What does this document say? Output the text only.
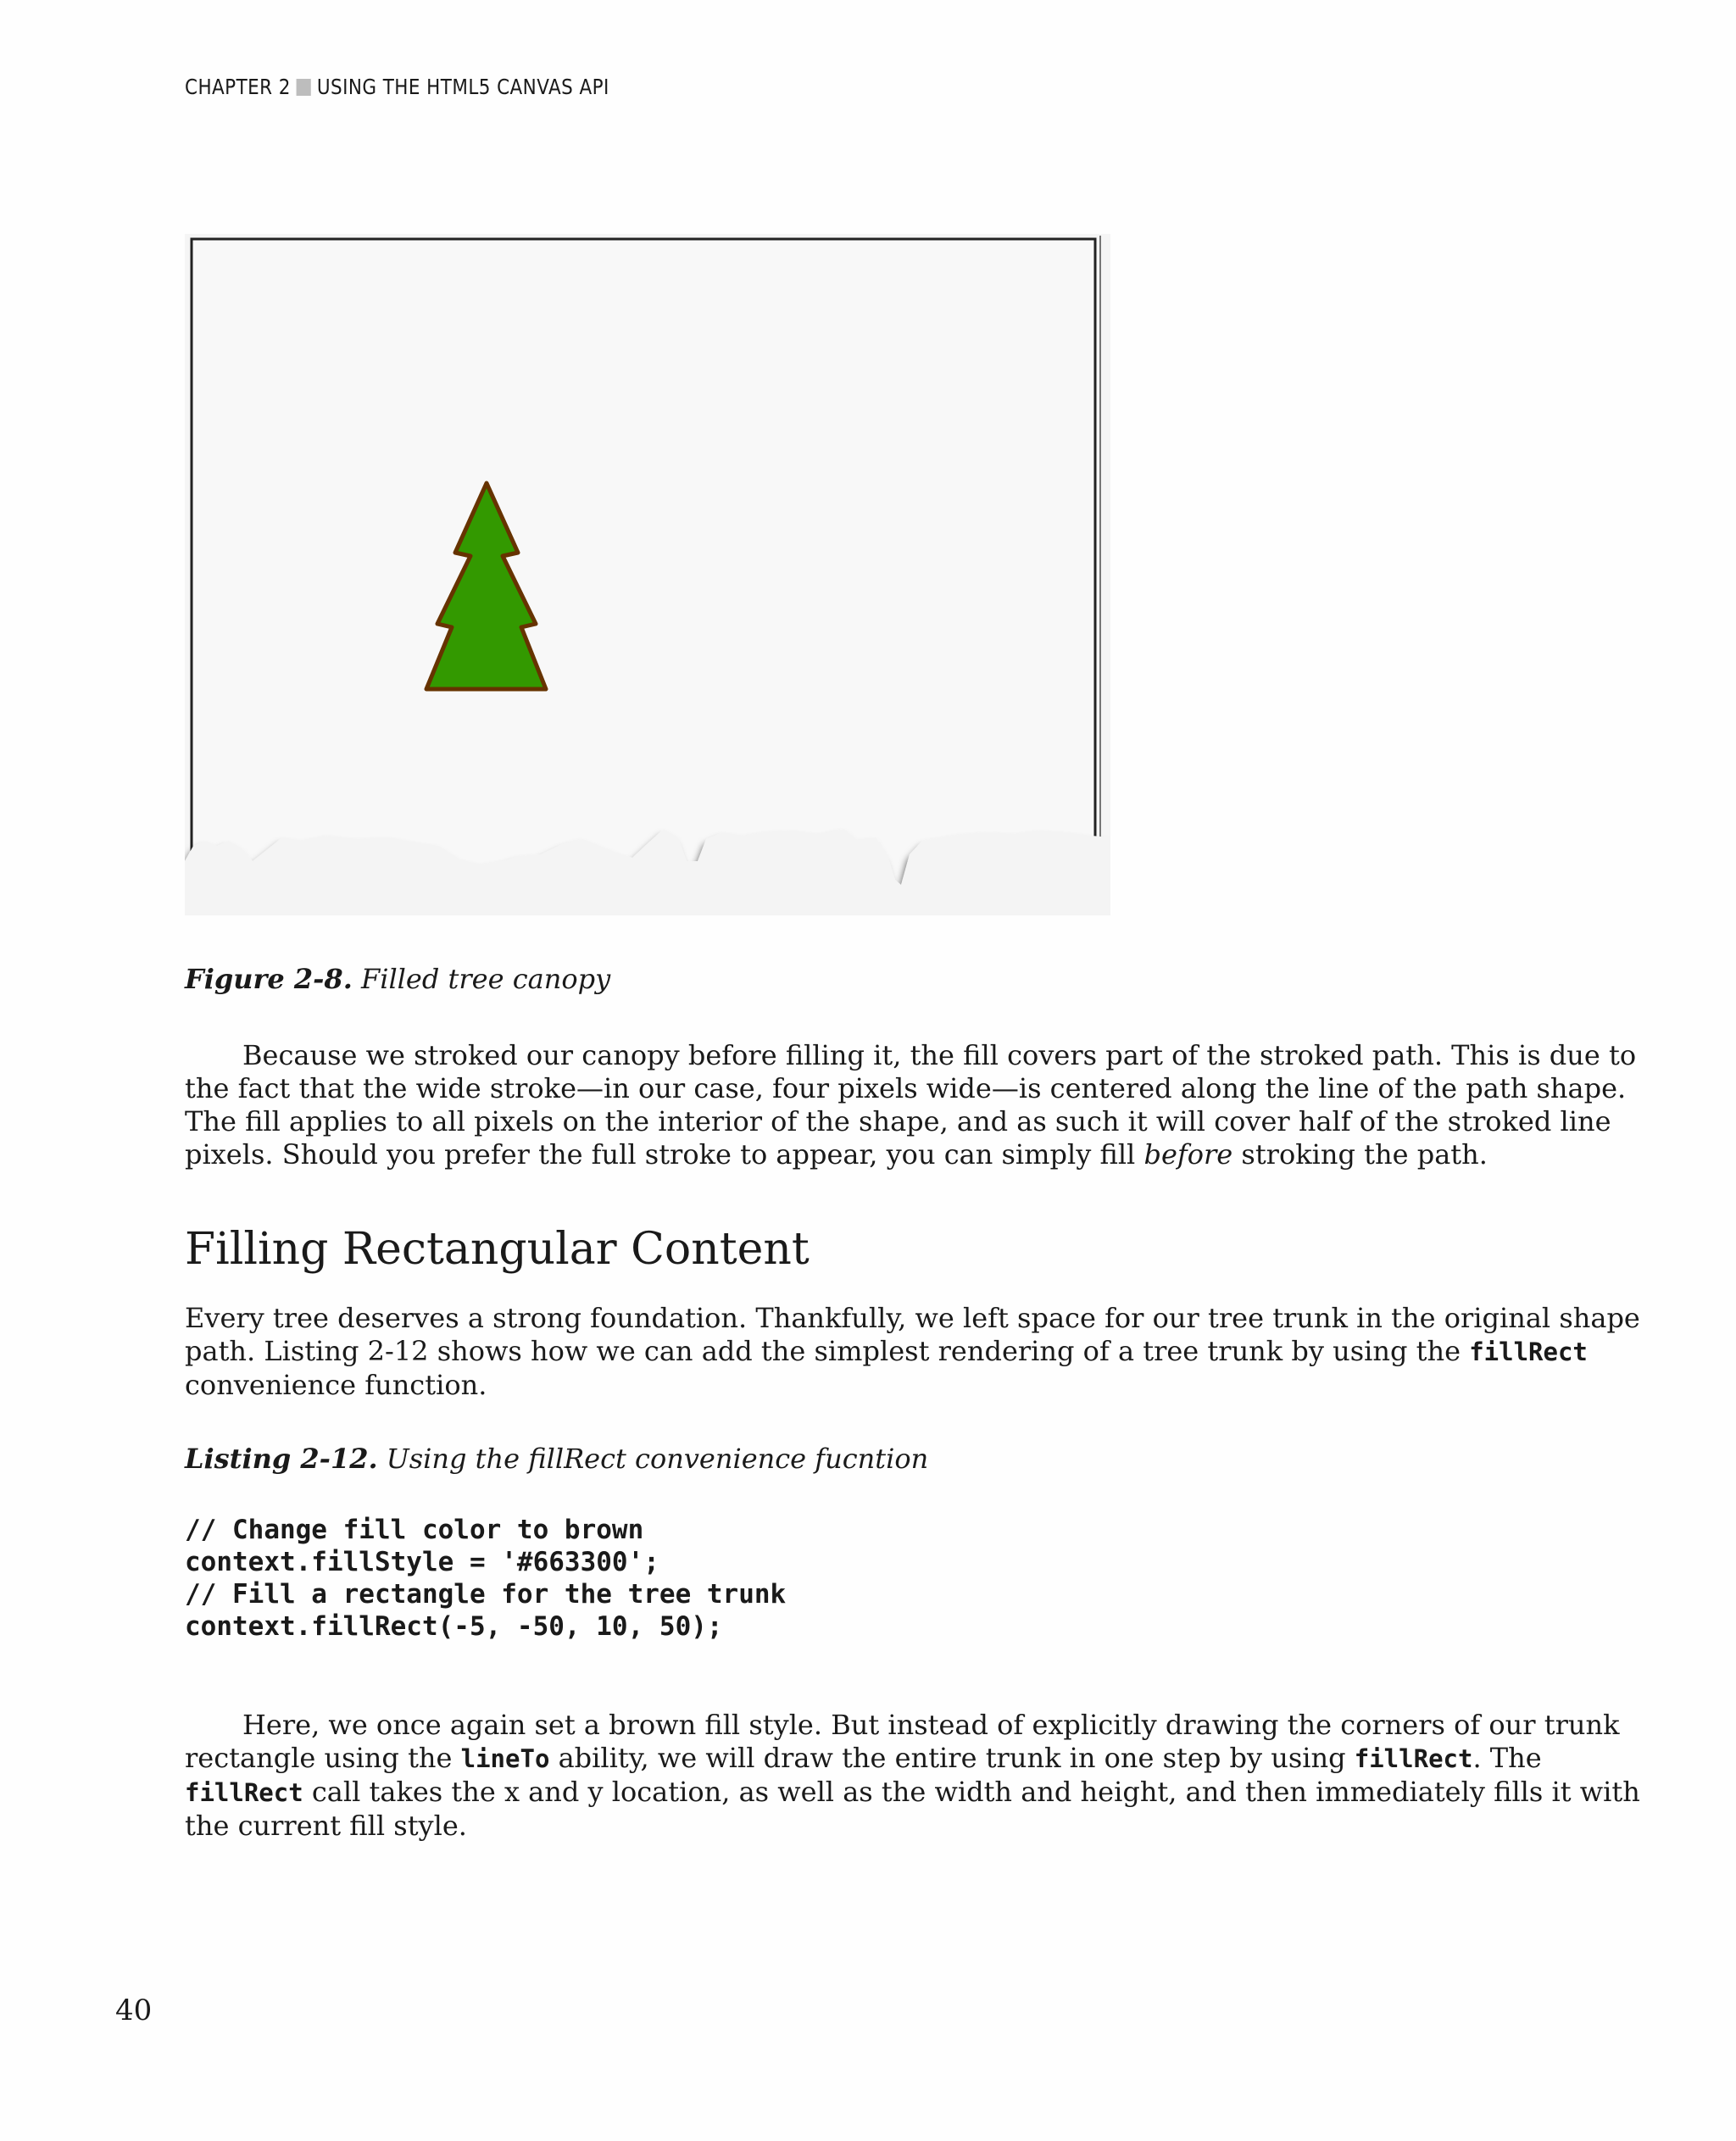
CHAPTER 2 USING THE HTML5 CANVAS API
Figure 2-8. Filled tree canopy
Because we stroked our canopy before filling it, the fill covers part of the stroked path. This is due to
the fact that the wide stroke—in our case, four pixels wide—is centered along the line of the path shape.
The fill applies to all pixels on the interior of the shape, and as such it will cover half of the stroked line
pixels. Should you prefer the full stroke to appear, you can simply fill before stroking the path.
Filling Rectangular Content
Every tree deserves a strong foundation. Thankfully, we left space for our tree trunk in the original shape
path. Listing 2-12 shows how we can add the simplest rendering of a tree trunk by using the fillRect
convenience function.
Listing 2-12. Using the fillRect convenience fucntion
// Change fill color to brown
context.fillStyle = '#663300';
// Fill a rectangle for the tree trunk
context.fillRect(-5, -50, 10, 50);
Here, we once again set a brown fill style. But instead of explicitly drawing the corners of our trunk
rectangle using the lineTo ability, we will draw the entire trunk in one step by using fillRect. The
fillRect call takes the x and y location, as well as the width and height, and then immediately fills it with
the current fill style.
40
